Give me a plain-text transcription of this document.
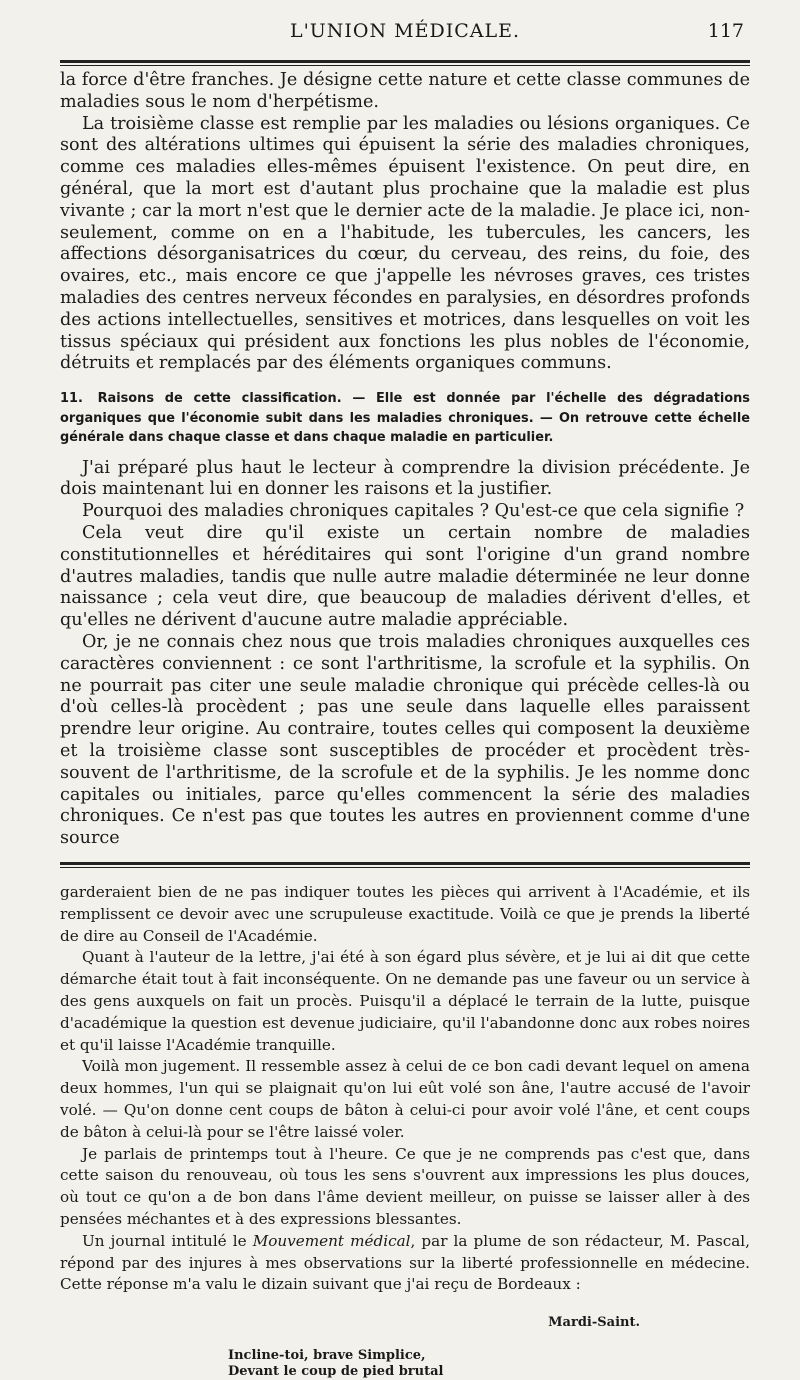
L'UNION MÉDICALE.	117

la force d'être franches. Je désigne cette nature et cette classe communes de maladies sous le nom d'herpétisme.

La troisième classe est remplie par les maladies ou lésions organiques. Ce sont des altérations ultimes qui épuisent la série des maladies chroniques, comme ces maladies elles-mêmes épuisent l'existence. On peut dire, en général, que la mort est d'autant plus prochaine que la maladie est plus vivante ; car la mort n'est que le dernier acte de la maladie. Je place ici, non-seulement, comme on en a l'habitude, les tubercules, les cancers, les affections désorganisatrices du cœur, du cerveau, des reins, du foie, des ovaires, etc., mais encore ce que j'appelle les névroses graves, ces tristes maladies des centres nerveux fécondes en paralysies, en désordres profonds des actions intellectuelles, sensitives et motrices, dans lesquelles on voit les tissus spéciaux qui président aux fonctions les plus nobles de l'économie, détruits et remplacés par des éléments organiques communs.

11. Raisons de cette classification. — Elle est donnée par l'échelle des dégradations organiques que l'économie subit dans les maladies chroniques. — On retrouve cette échelle générale dans chaque classe et dans chaque maladie en particulier.

J'ai préparé plus haut le lecteur à comprendre la division précédente. Je dois maintenant lui en donner les raisons et la justifier.

Pourquoi des maladies chroniques capitales ? Qu'est-ce que cela signifie ?

Cela veut dire qu'il existe un certain nombre de maladies constitutionnelles et héréditaires qui sont l'origine d'un grand nombre d'autres maladies, tandis que nulle autre maladie déterminée ne leur donne naissance ; cela veut dire, que beaucoup de maladies dérivent d'elles, et qu'elles ne dérivent d'aucune autre maladie appréciable.

Or, je ne connais chez nous que trois maladies chroniques auxquelles ces caractères conviennent : ce sont l'arthritisme, la scrofule et la syphilis. On ne pourrait pas citer une seule maladie chronique qui précède celles-là ou d'où celles-là procèdent ; pas une seule dans laquelle elles paraissent prendre leur origine. Au contraire, toutes celles qui composent la deuxième et la troisième classe sont susceptibles de procéder et procèdent très-souvent de l'arthritisme, de la scrofule et de la syphilis. Je les nomme donc capitales ou initiales, parce qu'elles commencent la série des maladies chroniques. Ce n'est pas que toutes les autres en proviennent comme d'une source

garderaient bien de ne pas indiquer toutes les pièces qui arrivent à l'Académie, et ils remplissent ce devoir avec une scrupuleuse exactitude. Voilà ce que je prends la liberté de dire au Conseil de l'Académie.

Quant à l'auteur de la lettre, j'ai été à son égard plus sévère, et je lui ai dit que cette démarche était tout à fait inconséquente. On ne demande pas une faveur ou un service à des gens auxquels on fait un procès. Puisqu'il a déplacé le terrain de la lutte, puisque d'académique la question est devenue judiciaire, qu'il l'abandonne donc aux robes noires et qu'il laisse l'Académie tranquille.

Voilà mon jugement. Il ressemble assez à celui de ce bon cadi devant lequel on amena deux hommes, l'un qui se plaignait qu'on lui eût volé son âne, l'autre accusé de l'avoir volé. — Qu'on donne cent coups de bâton à celui-ci pour avoir volé l'âne, et cent coups de bâton à celui-là pour se l'être laissé voler.

Je parlais de printemps tout à l'heure. Ce que je ne comprends pas c'est que, dans cette saison du renouveau, où tous les sens s'ouvrent aux impressions les plus douces, où tout ce qu'on a de bon dans l'âme devient meilleur, on puisse se laisser aller à des pensées méchantes et à des expressions blessantes.

Un journal intitulé le Mouvement médical, par la plume de son rédacteur, M. Pascal, répond par des injures à mes observations sur la liberté professionnelle en médecine. Cette réponse m'a valu le dizain suivant que j'ai reçu de Bordeaux :

Mardi-Saint.
Incline-toi, brave Simplice,
Devant le coup de pied brutal
